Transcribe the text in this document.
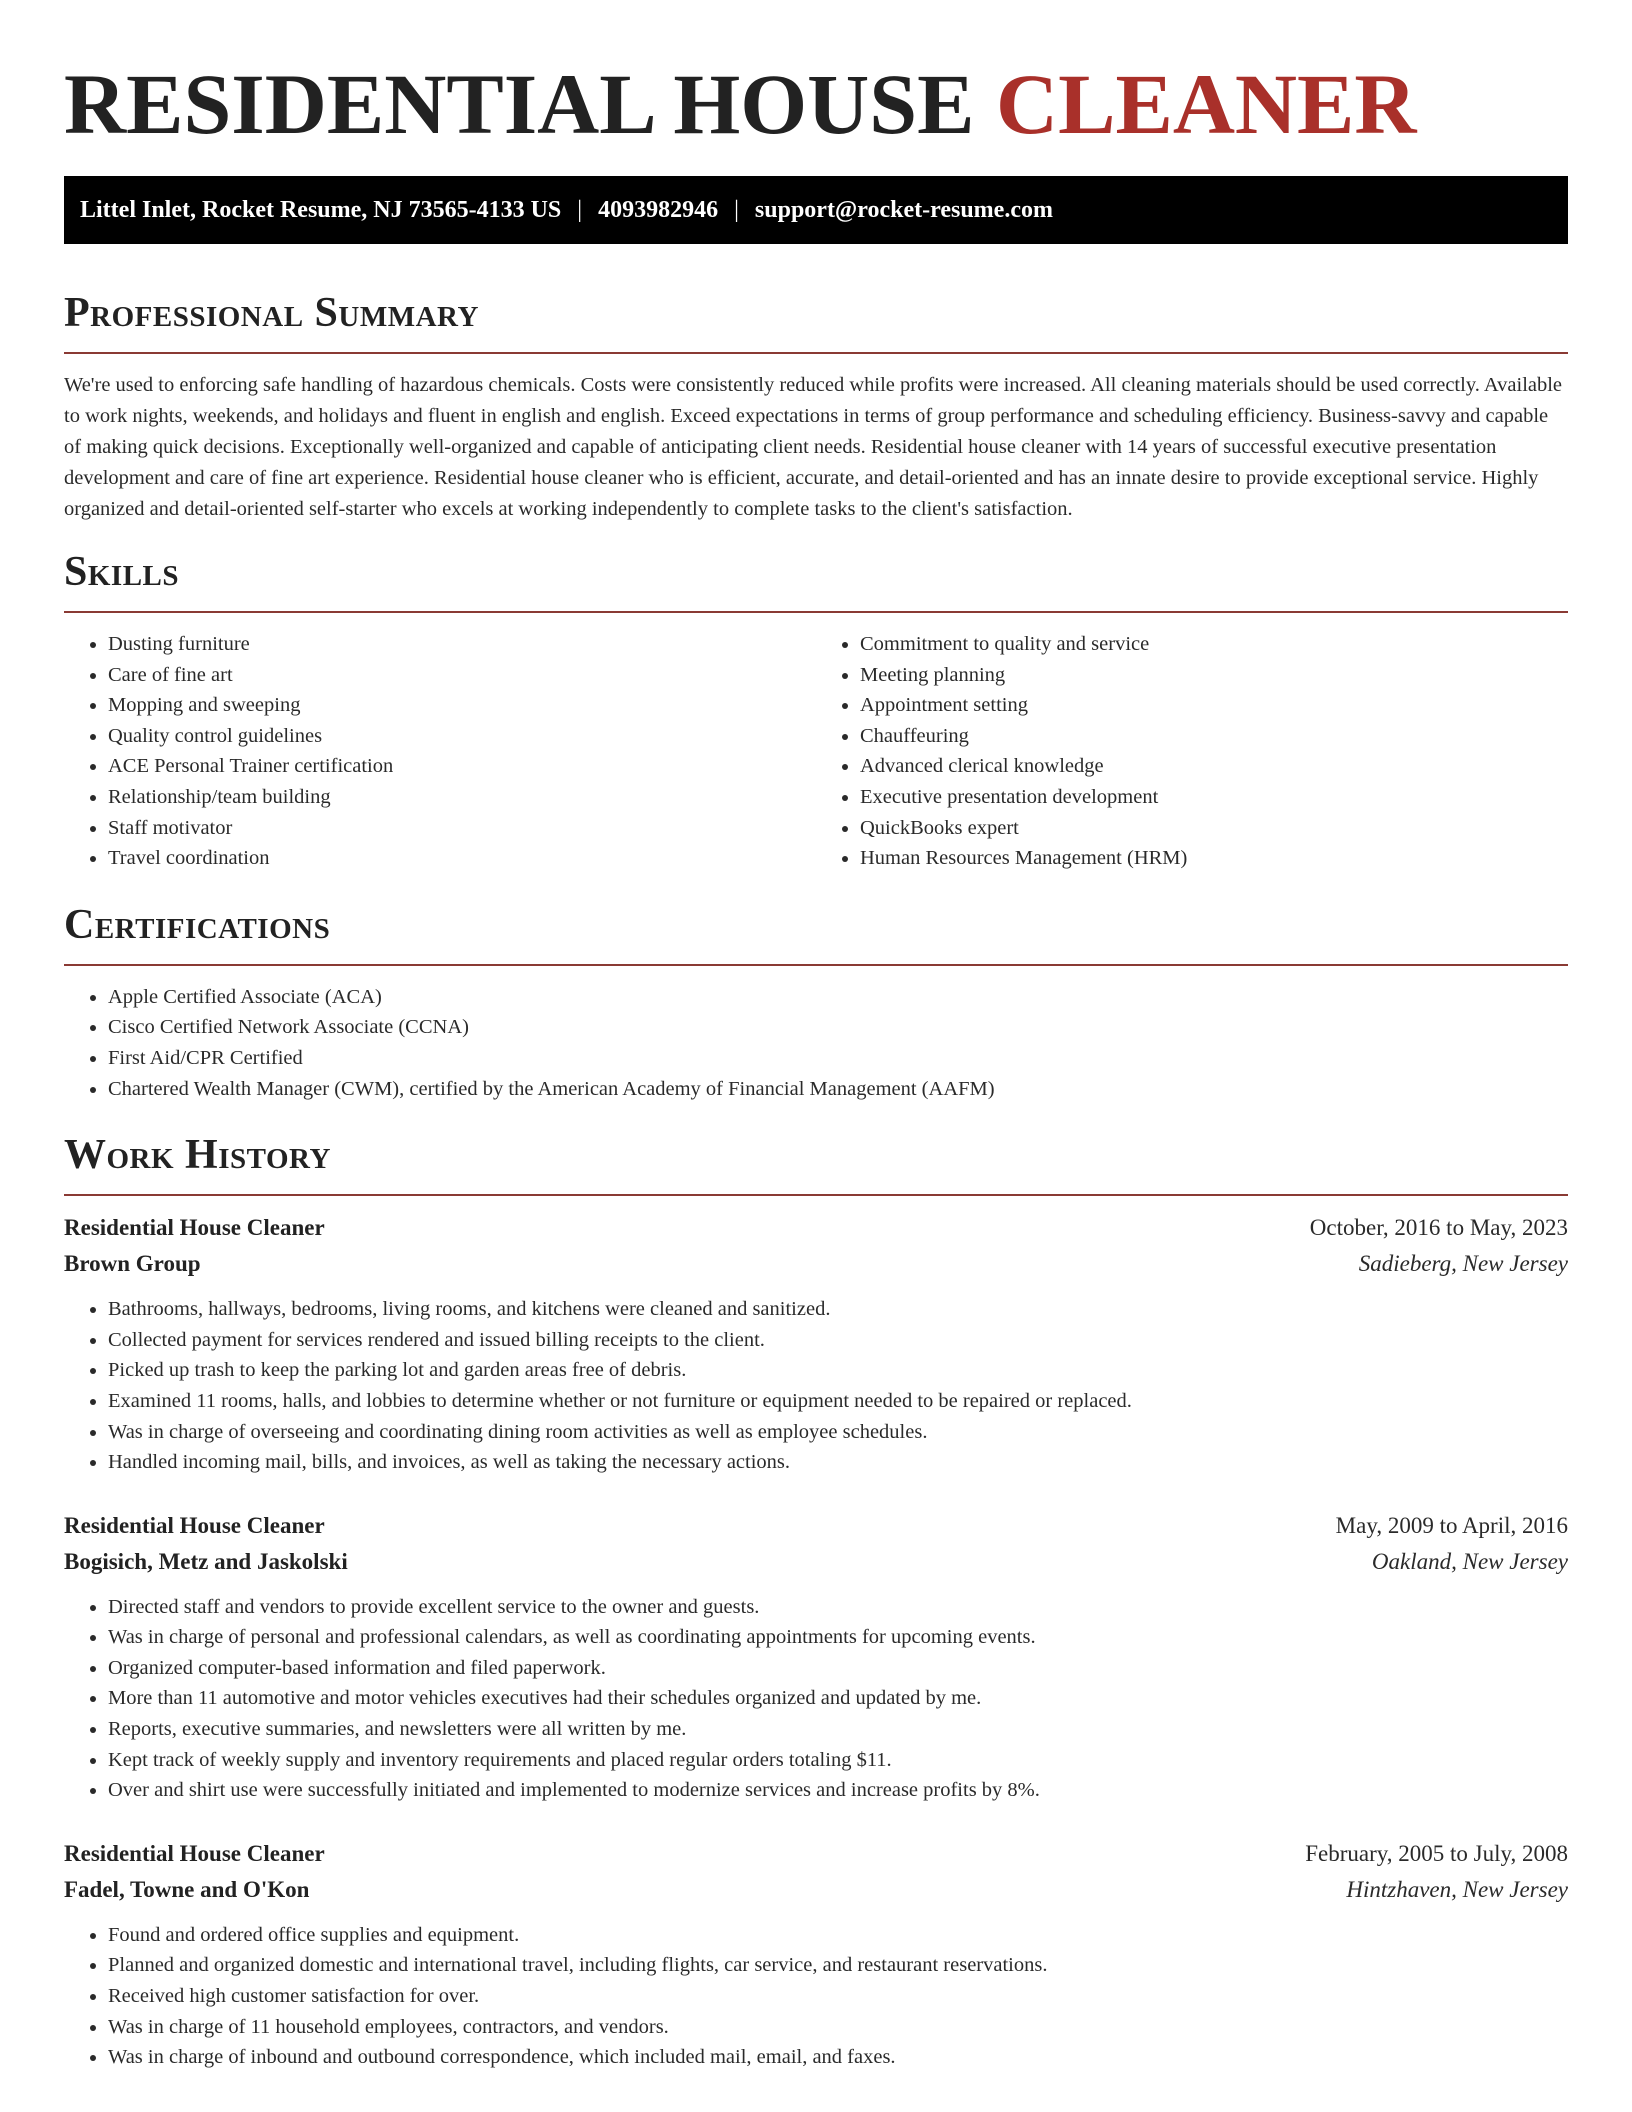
RESIDENTIAL HOUSE CLEANER
Littel Inlet, Rocket Resume, NJ 73565-4133 US | 4093982946 | support@rocket-resume.com
Professional Summary

We're used to enforcing safe handling of hazardous chemicals. Costs were consistently reduced while profits were increased. All cleaning materials should be used correctly. Available to work nights, weekends, and holidays and fluent in english and english. Exceed expectations in terms of group performance and scheduling efficiency. Business-savvy and capable of making quick decisions. Exceptionally well-organized and capable of anticipating client needs. Residential house cleaner with 14 years of successful executive presentation development and care of fine art experience. Residential house cleaner who is efficient, accurate, and detail-oriented and has an innate desire to provide exceptional service. Highly organized and detail-oriented self-starter who excels at working independently to complete tasks to the client's satisfaction.

Skills
• Dusting furniture
• Care of fine art
• Mopping and sweeping
• Quality control guidelines
• ACE Personal Trainer certification
• Relationship/team building
• Staff motivator
• Travel coordination
• Commitment to quality and service
• Meeting planning
• Appointment setting
• Chauffeuring
• Advanced clerical knowledge
• Executive presentation development
• QuickBooks expert
• Human Resources Management (HRM)
Certifications
• Apple Certified Associate (ACA)
• Cisco Certified Network Associate (CCNA)
• First Aid/CPR Certified
• Chartered Wealth Manager (CWM), certified by the American Academy of Financial Management (AAFM)
Work History
Residential House Cleaner	October, 2016 to May, 2023
Brown Group	Sadieberg, New Jersey
• Bathrooms, hallways, bedrooms, living rooms, and kitchens were cleaned and sanitized.
• Collected payment for services rendered and issued billing receipts to the client.
• Picked up trash to keep the parking lot and garden areas free of debris.
• Examined 11 rooms, halls, and lobbies to determine whether or not furniture or equipment needed to be repaired or replaced.
• Was in charge of overseeing and coordinating dining room activities as well as employee schedules.
• Handled incoming mail, bills, and invoices, as well as taking the necessary actions.
Residential House Cleaner	May, 2009 to April, 2016
Bogisich, Metz and Jaskolski	Oakland, New Jersey
• Directed staff and vendors to provide excellent service to the owner and guests.
• Was in charge of personal and professional calendars, as well as coordinating appointments for upcoming events.
• Organized computer-based information and filed paperwork.
• More than 11 automotive and motor vehicles executives had their schedules organized and updated by me.
• Reports, executive summaries, and newsletters were all written by me.
• Kept track of weekly supply and inventory requirements and placed regular orders totaling $11.
• Over and shirt use were successfully initiated and implemented to modernize services and increase profits by 8%.
Residential House Cleaner	February, 2005 to July, 2008
Fadel, Towne and O'Kon	Hintzhaven, New Jersey
• Found and ordered office supplies and equipment.
• Planned and organized domestic and international travel, including flights, car service, and restaurant reservations.
• Received high customer satisfaction for over.
• Was in charge of 11 household employees, contractors, and vendors.
• Was in charge of inbound and outbound correspondence, which included mail, email, and faxes.
